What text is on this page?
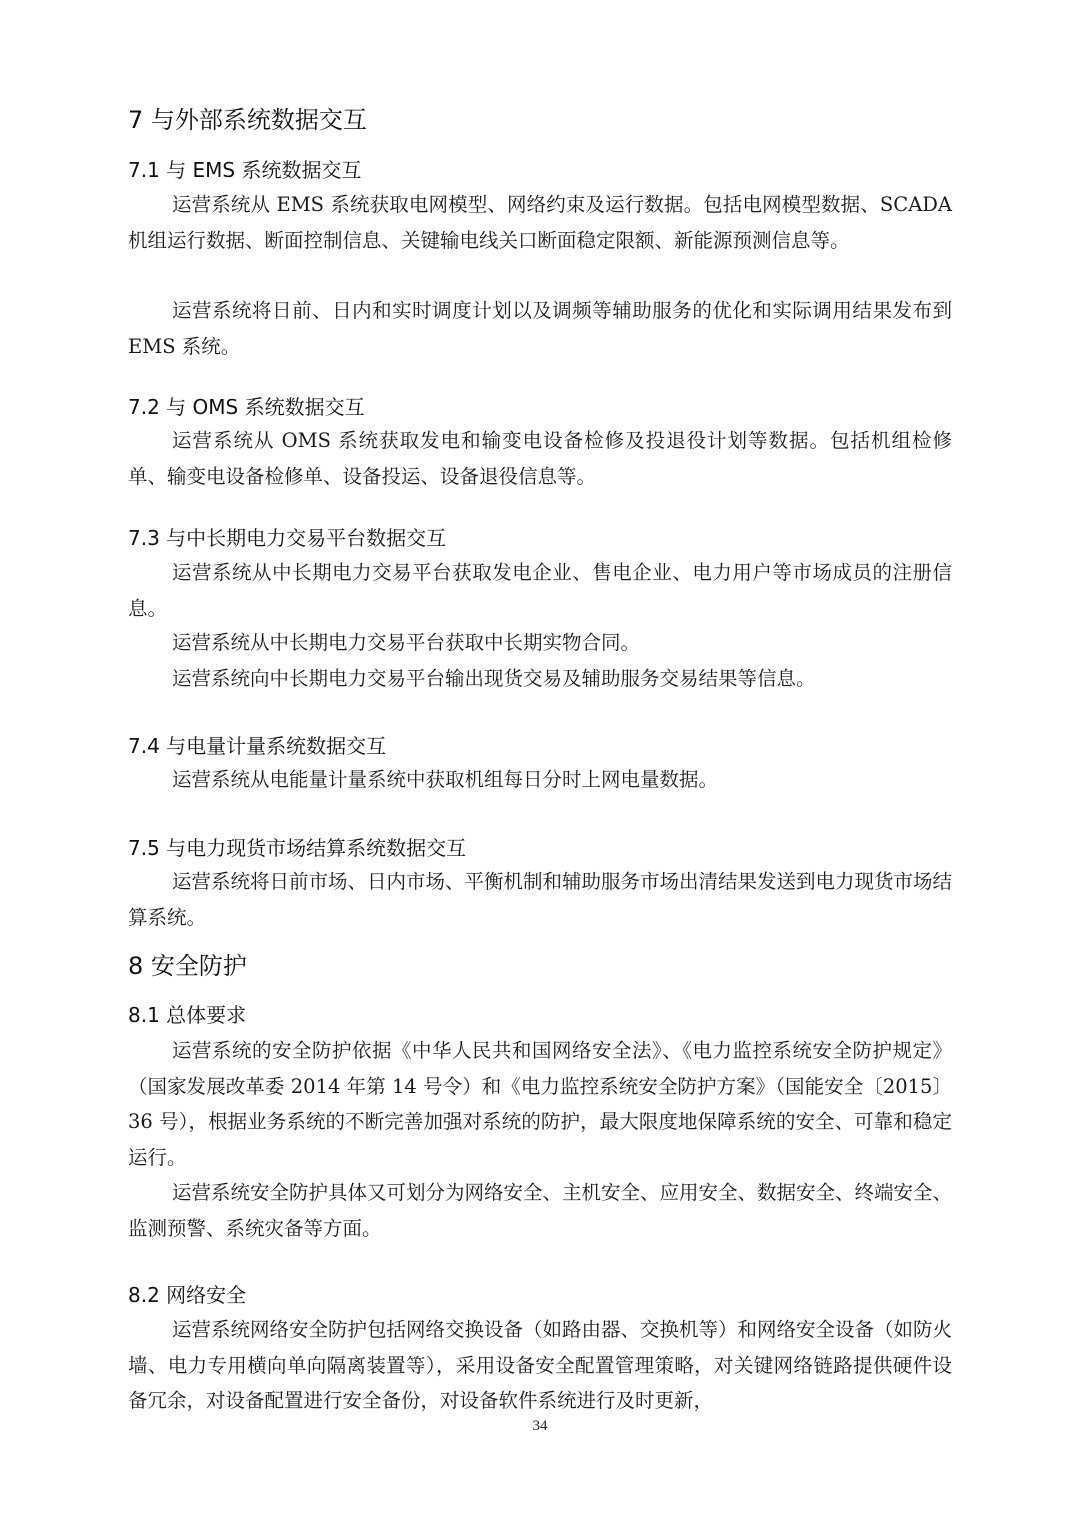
7 与外部系统数据交互
7.1 与 EMS 系统数据交互
运营系统从 EMS 系统获取电网模型、网络约束及运行数据。包括电网模型数据、SCADA 机组运行数据、断面控制信息、关键输电线关口断面稳定限额、新能源预测信息等。
运营系统将日前、日内和实时调度计划以及调频等辅助服务的优化和实际调用结果发布到 EMS 系统。
7.2 与 OMS 系统数据交互
运营系统从 OMS 系统获取发电和输变电设备检修及投退役计划等数据。包括机组检修单、输变电设备检修单、设备投运、设备退役信息等。
7.3 与中长期电力交易平台数据交互
运营系统从中长期电力交易平台获取发电企业、售电企业、电力用户等市场成员的注册信息。
运营系统从中长期电力交易平台获取中长期实物合同。
运营系统向中长期电力交易平台输出现货交易及辅助服务交易结果等信息。
7.4 与电量计量系统数据交互
运营系统从电能量计量系统中获取机组每日分时上网电量数据。
7.5 与电力现货市场结算系统数据交互
运营系统将日前市场、日内市场、平衡机制和辅助服务市场出清结果发送到电力现货市场结算系统。
8 安全防护
8.1 总体要求
运营系统的安全防护依据《中华人民共和国网络安全法》、《电力监控系统安全防护规定》（国家发展改革委 2014 年第 14 号令）和《电力监控系统安全防护方案》（国能安全〔2015〕36 号），根据业务系统的不断完善加强对系统的防护，最大限度地保障系统的安全、可靠和稳定运行。
运营系统安全防护具体又可划分为网络安全、主机安全、应用安全、数据安全、终端安全、监测预警、系统灾备等方面。
8.2 网络安全
运营系统网络安全防护包括网络交换设备（如路由器、交换机等）和网络安全设备（如防火墙、电力专用横向单向隔离装置等），采用设备安全配置管理策略，对关键网络链路提供硬件设备冗余，对设备配置进行安全备份，对设备软件系统进行及时更新，
34
